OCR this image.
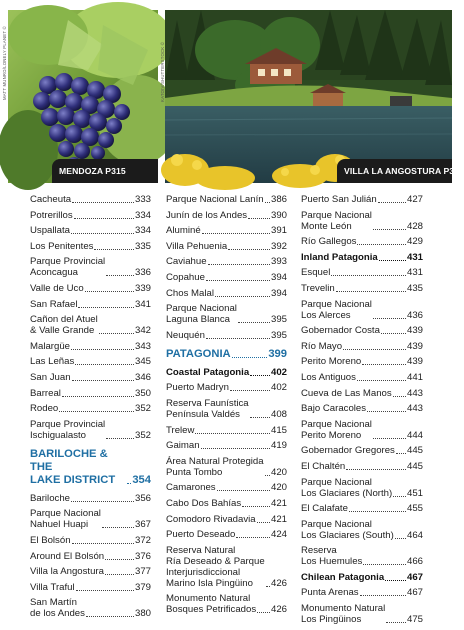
MENDOZA P315
MATT MUNRO/LONELY PLANET ©
VILLA LA ANGOSTURA P377
KATOIV/SHUTTERSTOCK ©
Cacheuta	333
Potrerillos	334
Uspallata	334
Los Penitentes	335
Parque Provincial
Aconcagua	336
Valle de Uco	339
San Rafael	341
Cañon del Atuel
& Valle Grande	342
Malargüe	343
Las Leñas	345
San Juan	346
Barreal	350
Rodeo	352
Parque Provincial
Ischigualasto	352
BARILOCHE & THE
LAKE DISTRICT	354
Bariloche	356
Parque Nacional
Nahuel Huapi	367
El Bolsón	372
Around El Bolsón	376
Villa la Angostura	377
Villa Traful	379
San Martín
de los Andes	380
Parque Nacional Lanín 386
Junín de los Andes 390
Aluminé	391
Villa Pehuenia	392
Caviahue	393
Copahue	394
Chos Malal	394
Parque Nacional
Laguna Blanca	395
Neuquén	395
PATAGONIA	399
Coastal Patagonia 402
Puerto Madryn	402
Reserva Faunística
Península Valdés	408
Trelew	415
Gaiman	419
Área Natural Protegida
Punta Tombo	420
Camarones	420
Cabo Dos Bahías	421
Comodoro Rivadavia 421
Puerto Deseado	424
Reserva Natural
Ría Deseado & Parque
Interjurisdiccional
Marino Isla Pingüino	426
Monumento Natural
Bosques Petrificados 426
Puerto San Julián	427
Parque Nacional
Monte León	428
Río Gallegos	429
Inland Patagonia	431
Esquel	431
Trevelin	435
Parque Nacional
Los Alerces	436
Gobernador Costa	439
Río Mayo	439
Perito Moreno	439
Los Antiguos	441
Cueva de Las Manos 443
Bajo Caracoles	443
Parque Nacional
Perito Moreno	444
Gobernador Gregores 445
El Chaltén	445
Parque Nacional
Los Glaciares (North) 451
El Calafate	455
Parque Nacional
Los Glaciares (South) 464
Reserva
Los Huemules	466
Chilean Patagonia 467
Punta Arenas	467
Monumento Natural
Los Pingüinos	475
